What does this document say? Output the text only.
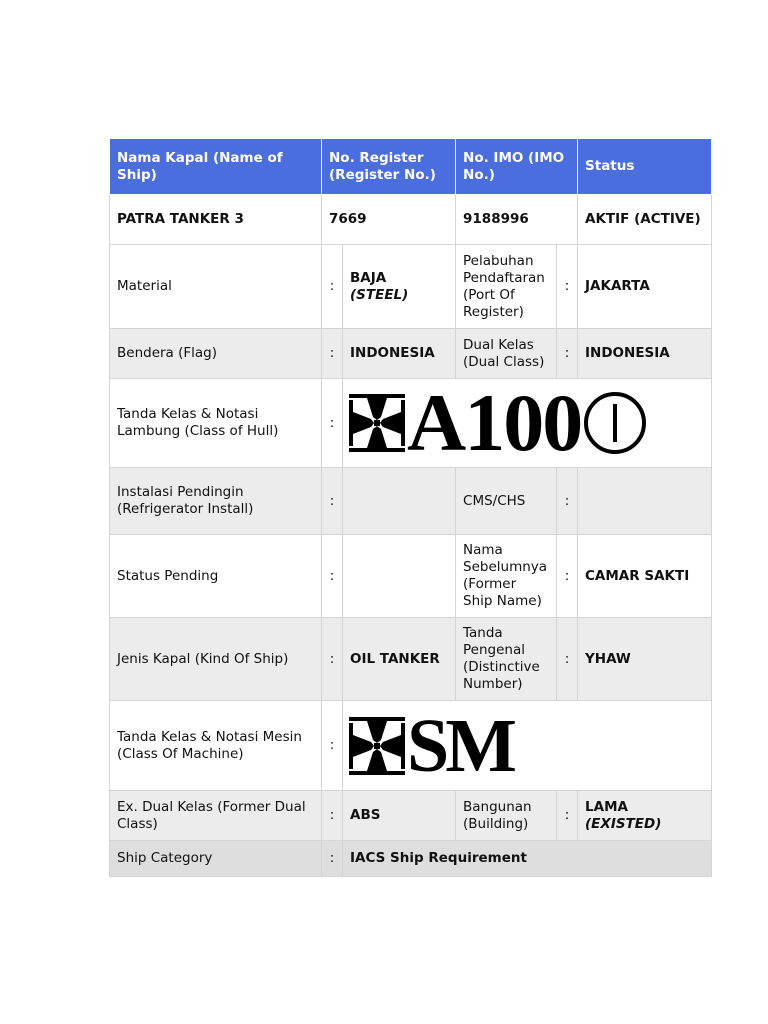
Nama Kapal (Name of Ship)	No. Register (Register No.)		No. IMO (IMO No.)		Status
PATRA TANKER 3	7669		9188996		AKTIF (ACTIVE)
Material	:	BAJA (STEEL)	Pelabuhan Pendaftaran (Port Of Register)	:	JAKARTA
Bendera (Flag)	:	INDONESIA	Dual Kelas (Dual Class)	:	INDONESIA
Tanda Kelas & Notasi Lambung (Class of Hull)	:	A100			

Instalasi Pendingin (Refrigerator Install)	:		CMS/CHS	:	
Status Pending	:		Nama Sebelumnya (Former Ship Name)	:	CAMAR SAKTI
Jenis Kapal (Kind Of Ship)	:	OIL TANKER	Tanda Pengenal (Distinctive Number)	:	YHAW
Tanda Kelas & Notasi Mesin (Class Of Machine)	:	SM			

Ex. Dual Kelas (Former Dual Class)	:	ABS	Bangunan (Building)	:	LAMA (EXISTED)
Ship Category	:	IACS Ship Requirement			
